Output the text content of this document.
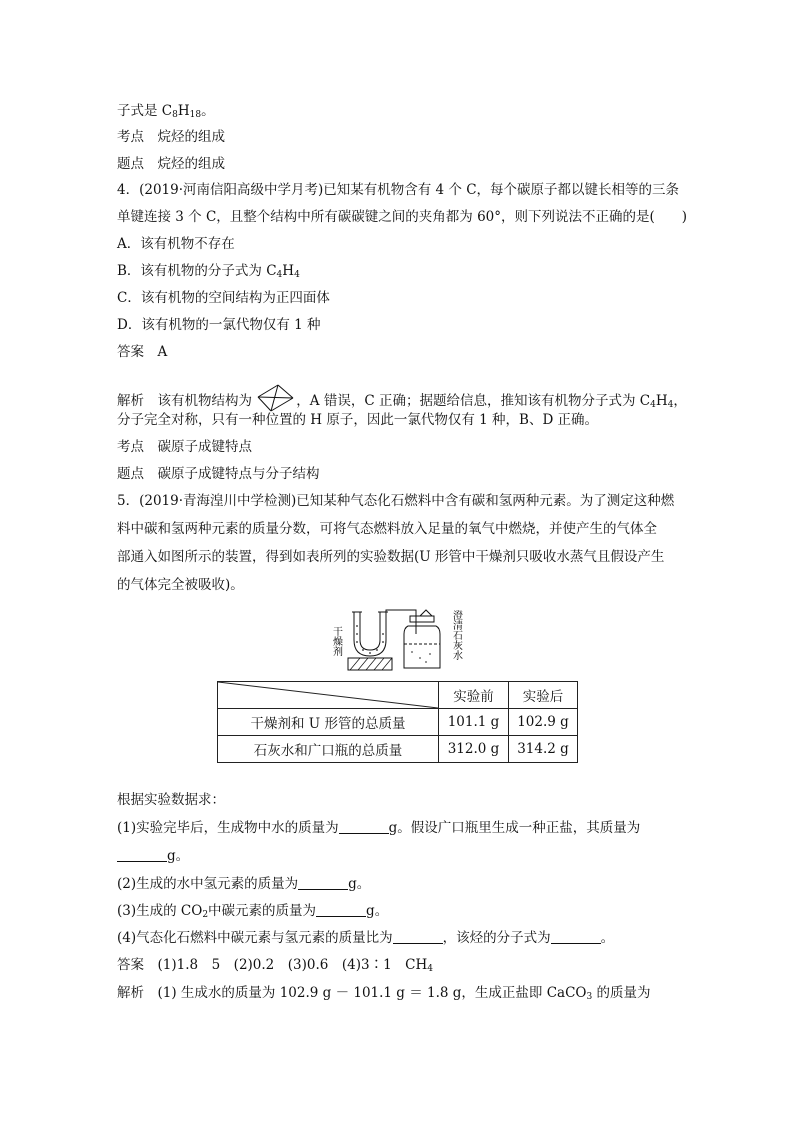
子式是 $C_8H_{18}$。
考点　烷烃的组成
题点　烷烃的组成
4．(2019·河南信阳高级中学月考)已知某有机物含有 4 个 C，每个碳原子都以键长相等的三条
单键连接 3 个 C，且整个结构中所有碳碳键之间的夹角都为 60°，则下列说法不正确的是(　　)
A．该有机物不存在
B．该有机物的分子式为 $C_4H_4$
C．该有机物的空间结构为正四面体
D．该有机物的一氯代物仅有 1 种
答案　A
解析　该有机物结构为	，A 错误，C 正确；据题给信息，推知该有机物分子式为 $C_4H_4$，
分子完全对称，只有一种位置的 H 原子，因此一氯代物仅有 1 种，B、D 正确。
考点　碳原子成键特点
题点　碳原子成键特点与分子结构
5．(2019·青海湟川中学检测)已知某种气态化石燃料中含有碳和氢两种元素。为了测定这种燃
料中碳和氢两种元素的质量分数，可将气态燃料放入足量的氧气中燃烧，并使产生的气体全
部通入如图所示的装置，得到如表所列的实验数据(U 形管中干燥剂只吸收水蒸气且假设产生
的气体完全被吸收)。
干燥剂	澄清石灰水
	实验前	实验后
干燥剂和 U 形管的总质量	101.1 g	102.9 g
石灰水和广口瓶的总质量	312.0 g	314.2 g
根据实验数据求：
(1)实验完毕后，生成物中水的质量为	g。假设广口瓶里生成一种正盐，其质量为
g。
(2)生成的水中氢元素的质量为	g。
(3)生成的 $CO_2$中碳元素的质量为	g。
(4)气态化石燃料中碳元素与氢元素的质量比为	，该烃的分子式为	。
答案　(1)1.8　5　(2)0.2　(3)0.6　(4)3∶1　$CH_4$
解析　(1) 生成水的质量为 102.9 g － 101.1 g ＝ 1.8 g，生成正盐即 CaCO$_3$ 的质量为
